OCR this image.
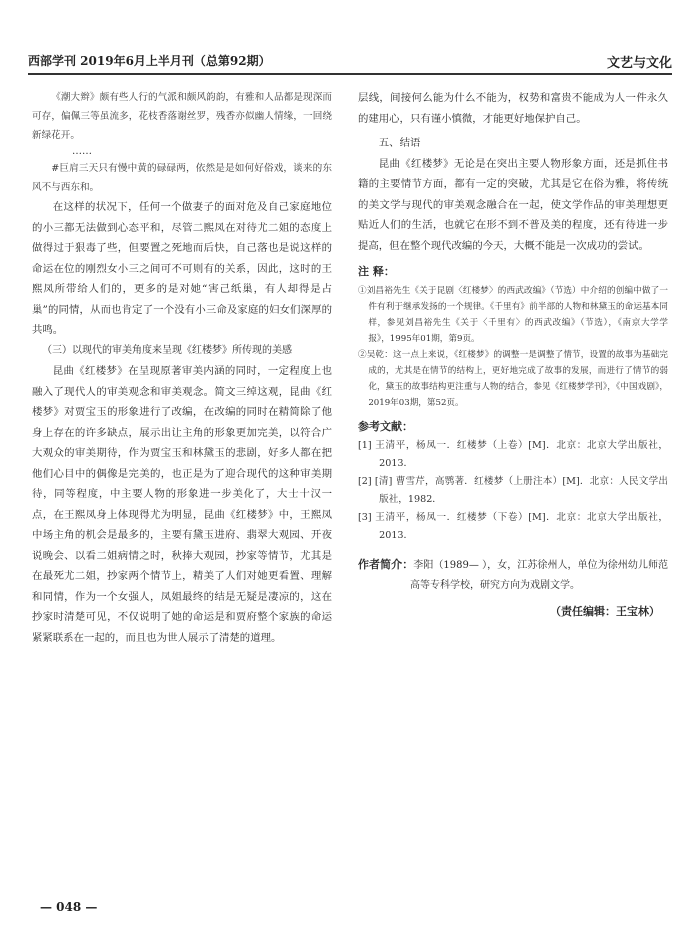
西部学刊 2019年6月上半月刊（总第92期）	文艺与文化

《潮大辫》颇有些人行的气派和颇风韵韵，有雅和人品都是现深而可存，偏佩三等虽流多，花枝香落谢丝罗，残香亦似幽人情缘，一回绕新绿花开。

……

#巨肩三天只有慢中黄的碌碌两，依然是是如何好俗戏，谈来的东风不与西东和。

在这样的状况下，任何一个做妻子的面对危及自己家庭地位的小三都无法做到心态平和，尽管二熙凤在对待尤二姐的态度上做得过于狠毒了些，但要置之死地而后快，自己落也是说这样的命运在位的刚烈女小三之间可不可则有的关系，因此，这时的王熙凤所带给人们的，更多的是对她“害己纸巢，有人却得是占巢”的同情，从而也肯定了一个没有小三命及家庭的妇女们深厚的共鸣。

（三）以现代的审美角度来呈现《红楼梦》所传现的美感

昆曲《红楼梦》在呈现原著审美内涵的同时，一定程度上也融入了现代人的审美观念和审美观念。简文三绰这观，昆曲《红楼梦》对贾宝玉的形象进行了改编，在改编的同时在精简除了他身上存在的许多缺点，展示出让主角的形象更加完美，以符合广大观众的审美期待，作为贾宝玉和林黛玉的悲剧，好多人都在把他们心目中的偶像是完美的，也正是为了迎合现代的这种审美期待，同等程度，中主要人物的形象进一步美化了，大士十汉一点，在王熙凤身上体现得尤为明显，昆曲《红楼梦》中，王熙凤中场主角的机会是最多的，主要有黛玉进府、翡翠大观园、开夜说晚会、以看二姐病情之时，秋捧大观园，抄家等情节，尤其是在最死尤二姐，抄家两个情节上，精美了人们对她更看置、理解和同情，作为一个女强人，凤姐最终的结是无疑是凄凉的，这在抄家时清楚可见，不仅说明了她的命运是和贾府整个家族的命运紧紧联系在一起的，而且也为世人展示了清楚的道理。

层线，间接何么能为什么不能为，权势和富贵不能成为人一件永久的建用心，只有谨小慎微，才能更好地保护自己。

五、结语

昆曲《红楼梦》无论是在突出主要人物形象方面，还是抓住书籍的主要情节方面，都有一定的突破，尤其是它在俗为雅，将传统的美文学与现代的审美观念融合在一起，使文学作品的审美理想更贴近人们的生活，也就它在形不到不普及美的程度，还有待进一步提高，但在整个现代改编的今天，大概不能是一次成功的尝试。

注 释：

①刘昌裕先生《关于昆剧〈红楼梦〉的西武改编》（节选）中介绍的创编中做了一件有利于继承发扬的一个规律。《千里有》前半部的人物和林黛玉的命运基本同样，参见刘昌裕先生《关于〈千里有〉的西武改编》（节选），《南京大学学报》，1995年01期，第9页。

②吴乾：这一点上来说，《红楼梦》的调整一是调整了情节，设置的故事为基础完成的，尤其是在情节的结构上，更好地完成了故事的发展，而进行了情节的弱化，黛玉的故事结构更注重与人物的结合，参见《红楼梦学刊》，《中国戏剧》，2019年03期，第52页。

参考文献：

[1] 王清平，杨凤一．红楼梦（上卷）[M]．北京：北京大学出版社，2013．

[2] [清] 曹雪芹，高鹗著．红楼梦（上册注本）[M]．北京：人民文学出版社，1982．

[3] 王清平，杨凤一．红楼梦（下卷）[M]．北京：北京大学出版社，2013．

作者简介：李阳（1989— ），女，江苏徐州人，单位为徐州幼儿师范高等专科学校，研究方向为戏剧文学。

（责任编辑：王宝林）
— 048 —
